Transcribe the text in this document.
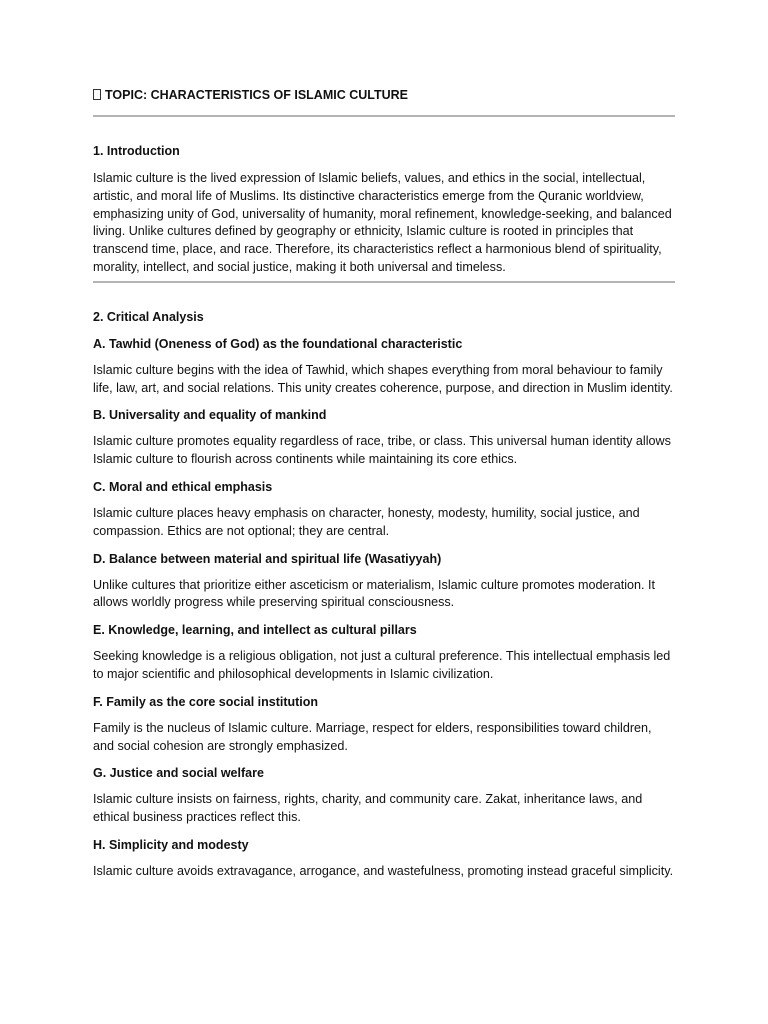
TOPIC: CHARACTERISTICS OF ISLAMIC CULTURE

1. Introduction

Islamic culture is the lived expression of Islamic beliefs, values, and ethics in the social, intellectual, artistic, and moral life of Muslims. Its distinctive characteristics emerge from the Quranic worldview, emphasizing unity of God, universality of humanity, moral refinement, knowledge-seeking, and balanced living. Unlike cultures defined by geography or ethnicity, Islamic culture is rooted in principles that transcend time, place, and race. Therefore, its characteristics reflect a harmonious blend of spirituality, morality, intellect, and social justice, making it both universal and timeless.

2. Critical Analysis

A. Tawhid (Oneness of God) as the foundational characteristic

Islamic culture begins with the idea of Tawhid, which shapes everything from moral behaviour to family life, law, art, and social relations. This unity creates coherence, purpose, and direction in Muslim identity.

B. Universality and equality of mankind

Islamic culture promotes equality regardless of race, tribe, or class. This universal human identity allows Islamic culture to flourish across continents while maintaining its core ethics.

C. Moral and ethical emphasis

Islamic culture places heavy emphasis on character, honesty, modesty, humility, social justice, and compassion. Ethics are not optional; they are central.

D. Balance between material and spiritual life (Wasatiyyah)

Unlike cultures that prioritize either asceticism or materialism, Islamic culture promotes moderation. It allows worldly progress while preserving spiritual consciousness.

E. Knowledge, learning, and intellect as cultural pillars

Seeking knowledge is a religious obligation, not just a cultural preference. This intellectual emphasis led to major scientific and philosophical developments in Islamic civilization.

F. Family as the core social institution

Family is the nucleus of Islamic culture. Marriage, respect for elders, responsibilities toward children, and social cohesion are strongly emphasized.

G. Justice and social welfare

Islamic culture insists on fairness, rights, charity, and community care. Zakat, inheritance laws, and ethical business practices reflect this.

H. Simplicity and modesty

Islamic culture avoids extravagance, arrogance, and wastefulness, promoting instead graceful simplicity.
